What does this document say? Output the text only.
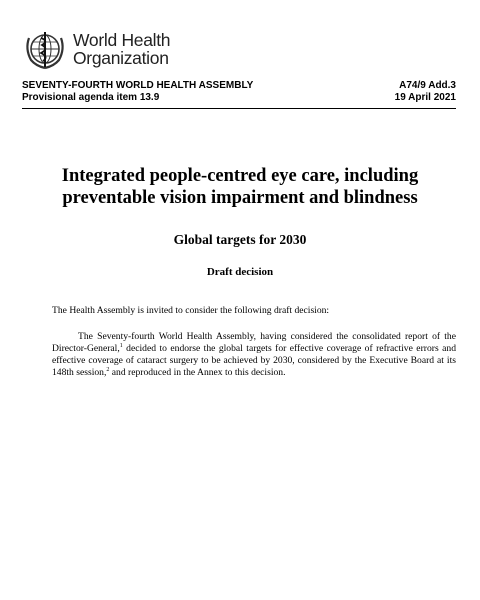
World Health
Organization
SEVENTY-FOURTH WORLD HEALTH ASSEMBLY
Provisional agenda item 13.9
A74/9 Add.3
19 April 2021
Integrated people-centred eye care, including preventable vision impairment and blindness
Global targets for 2030
Draft decision
The Health Assembly is invited to consider the following draft decision:
The Seventy-fourth World Health Assembly, having considered the consolidated report of the Director-General,$^1$ decided to endorse the global targets for effective coverage of refractive errors and effective coverage of cataract surgery to be achieved by 2030, considered by the Executive Board at its 148th session,$^2$ and reproduced in the Annex to this decision.
